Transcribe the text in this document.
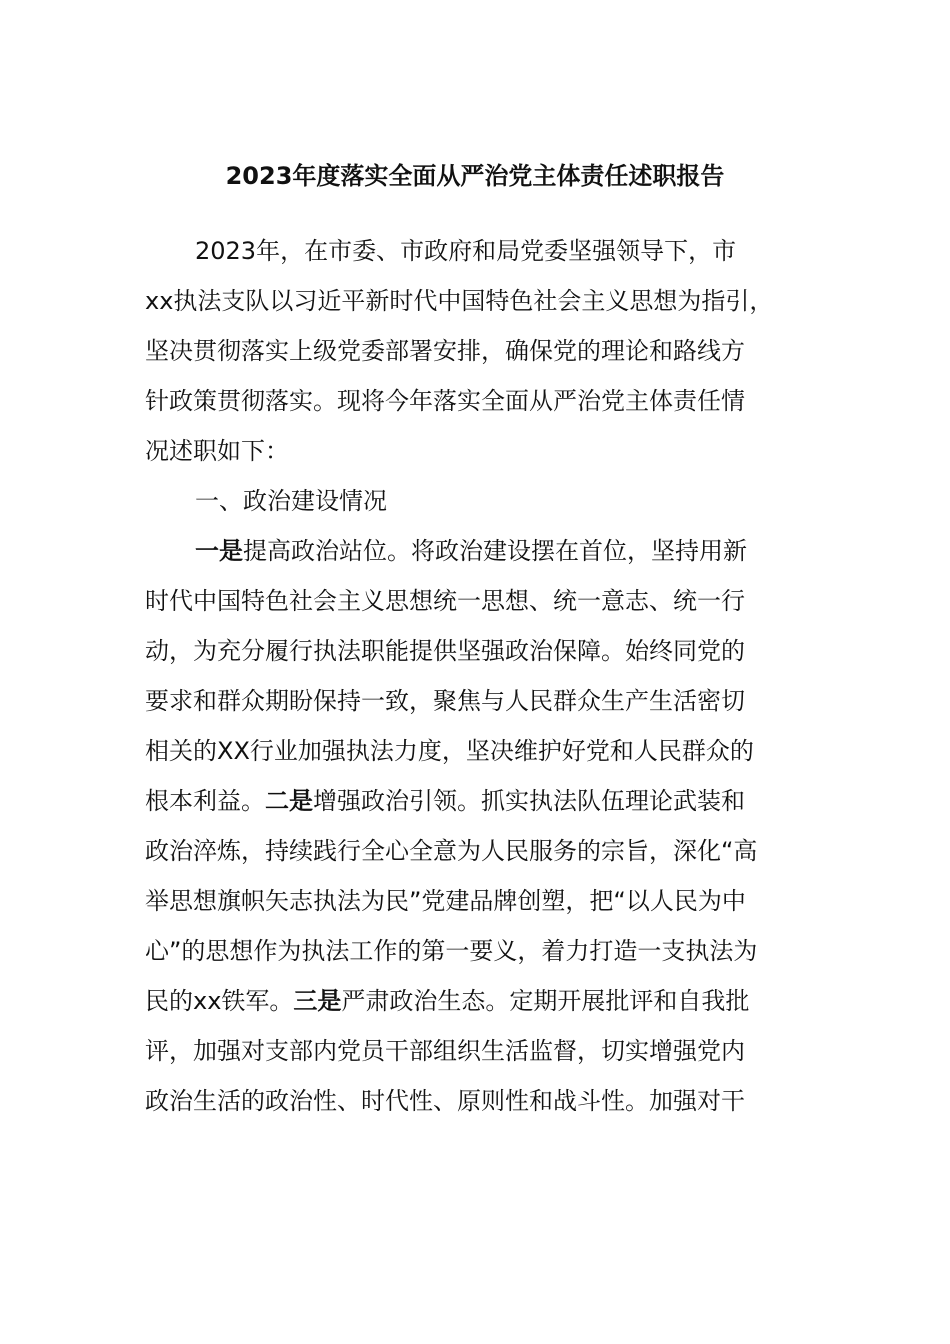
2023年度落实全面从严治党主体责任述职报告

2023年，在市委、市政府和局党委坚强领导下，市

xx执法支队以习近平新时代中国特色社会主义思想为指引，

坚决贯彻落实上级党委部署安排，确保党的理论和路线方

针政策贯彻落实。现将今年落实全面从严治党主体责任情

况述职如下：

一、政治建设情况

一是提高政治站位。将政治建设摆在首位，坚持用新

时代中国特色社会主义思想统一思想、统一意志、统一行

动，为充分履行执法职能提供坚强政治保障。始终同党的

要求和群众期盼保持一致，聚焦与人民群众生产生活密切

相关的XX行业加强执法力度，坚决维护好党和人民群众的

根本利益。二是增强政治引领。抓实执法队伍理论武装和

政治淬炼，持续践行全心全意为人民服务的宗旨，深化“高

举思想旗帜矢志执法为民”党建品牌创塑，把“以人民为中

心”的思想作为执法工作的第一要义，着力打造一支执法为

民的xx铁军。三是严肃政治生态。定期开展批评和自我批

评，加强对支部内党员干部组织生活监督，切实增强党内

政治生活的政治性、时代性、原则性和战斗性。加强对干
